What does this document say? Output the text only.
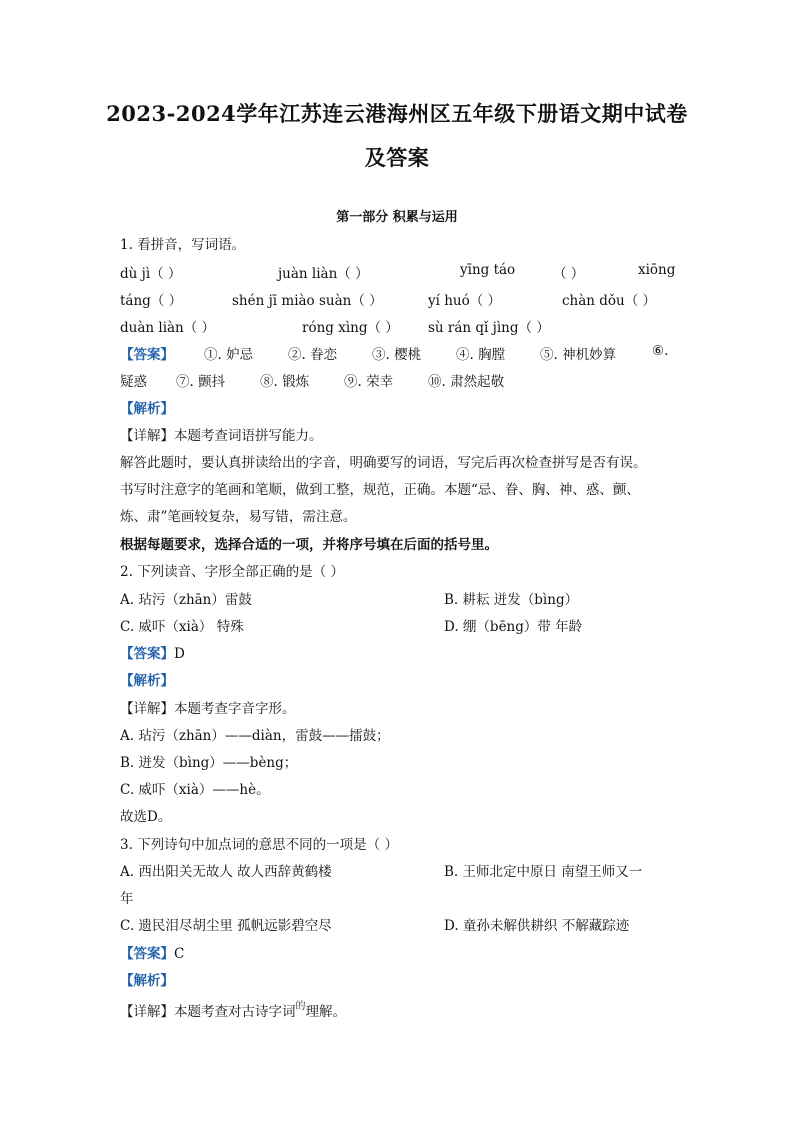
2023-2024学年江苏连云港海州区五年级下册语文期中试卷
及答案
第一部分 积累与运用
1. 看拼音，写词语。
dù jì（ ）	juàn liàn（ ）	yīng táo	（ ）	xiōng
táng（ ）	shén jī miào suàn（ ）	yí huó（ ）	chàn dǒu（ ）
duàn liàn（ ）	róng xìng（ ） sù rán qǐ jìng（ ）
【答案】 ①. 妒忌	②. 眷恋	③. 樱桃	④. 胸膛	⑤. 神机妙算	⑥.
疑惑 ⑦. 颤抖	⑧. 锻炼	⑨. 荣幸	⑩. 肃然起敬
【解析】
【详解】本题考查词语拼写能力。
解答此题时，要认真拼读给出的字音，明确要写的词语，写完后再次检查拼写是否有误。
书写时注意字的笔画和笔顺，做到工整，规范，正确。本题“忌、眷、胸、神、惑、颤、
炼、肃”笔画较复杂，易写错，需注意。
根据每题要求，选择合适的一项，并将序号填在后面的括号里。
2. 下列读音、字形全部正确的是（ ）
A. 玷污（zhān）雷鼓	B. 耕耘 迸发（bìng）
C. 威吓（xià） 特殊	D. 绷（bēng）带 年龄
【答案】D
【解析】
【详解】本题考查字音字形。
A. 玷污（zhān）——diàn，雷鼓——擂鼓；
B. 迸发（bìng）——bèng；
C. 威吓（xià）——hè。
故选D。
3. 下列诗句中加点词的意思不同的一项是（ ）
A. 西出阳关无故人 故人西辞黄鹤楼	B. 王师北定中原日 南望王师又一
年
C. 遗民泪尽胡尘里 孤帆远影碧空尽	D. 童孙未解供耕织 不解藏踪迹
【答案】C
【解析】
【详解】本题考查对古诗字词$^的$理解。
